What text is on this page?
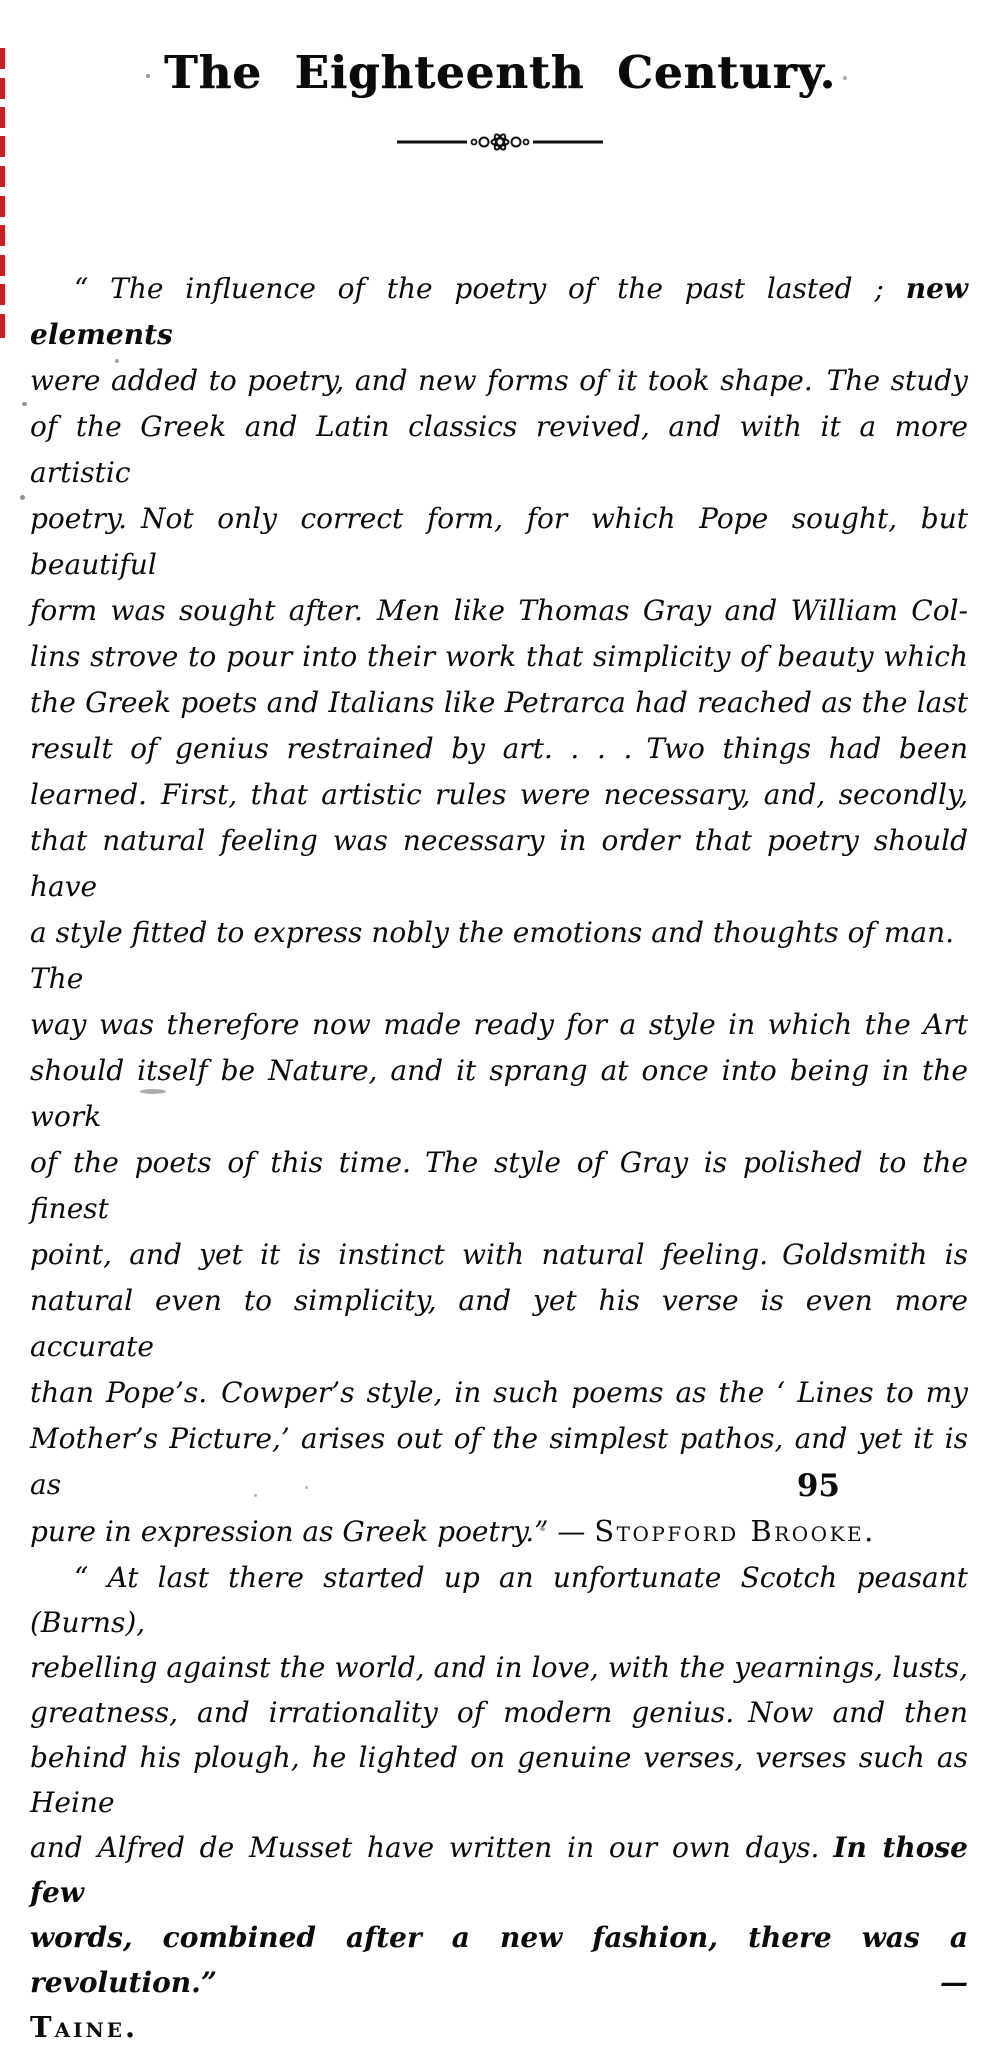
The Eighteenth Century.
“ The influence of the poetry of the past lasted ; new elements
were added to poetry, and new forms of it took shape. The study
of the Greek and Latin classics revived, and with it a more artistic
poetry. Not only correct form, for which Pope sought, but beautiful
form was sought after. Men like Thomas Gray and William Col-
lins strove to pour into their work that simplicity of beauty which
the Greek poets and Italians like Petrarca had reached as the last
result of genius restrained by art. . . . Two things had been
learned. First, that artistic rules were necessary, and, secondly,
that natural feeling was necessary in order that poetry should have
a style fitted to express nobly the emotions and thoughts of man. The
way was therefore now made ready for a style in which the Art
should itself be Nature, and it sprang at once into being in the work
of the poets of this time. The style of Gray is polished to the finest
point, and yet it is instinct with natural feeling. Goldsmith is
natural even to simplicity, and yet his verse is even more accurate
than Pope’s. Cowper’s style, in such poems as the ‘ Lines to my
Mother’s Picture,’ arises out of the simplest pathos, and yet it is as
pure in expression as Greek poetry.” — Stopford Brooke.
“ At last there started up an unfortunate Scotch peasant (Burns),
rebelling against the world, and in love, with the yearnings, lusts,
greatness, and irrationality of modern genius. Now and then
behind his plough, he lighted on genuine verses, verses such as Heine
and Alfred de Musset have written in our own days. In those few
words, combined after a new fashion, there was a revolution.” —
Taine.
95
